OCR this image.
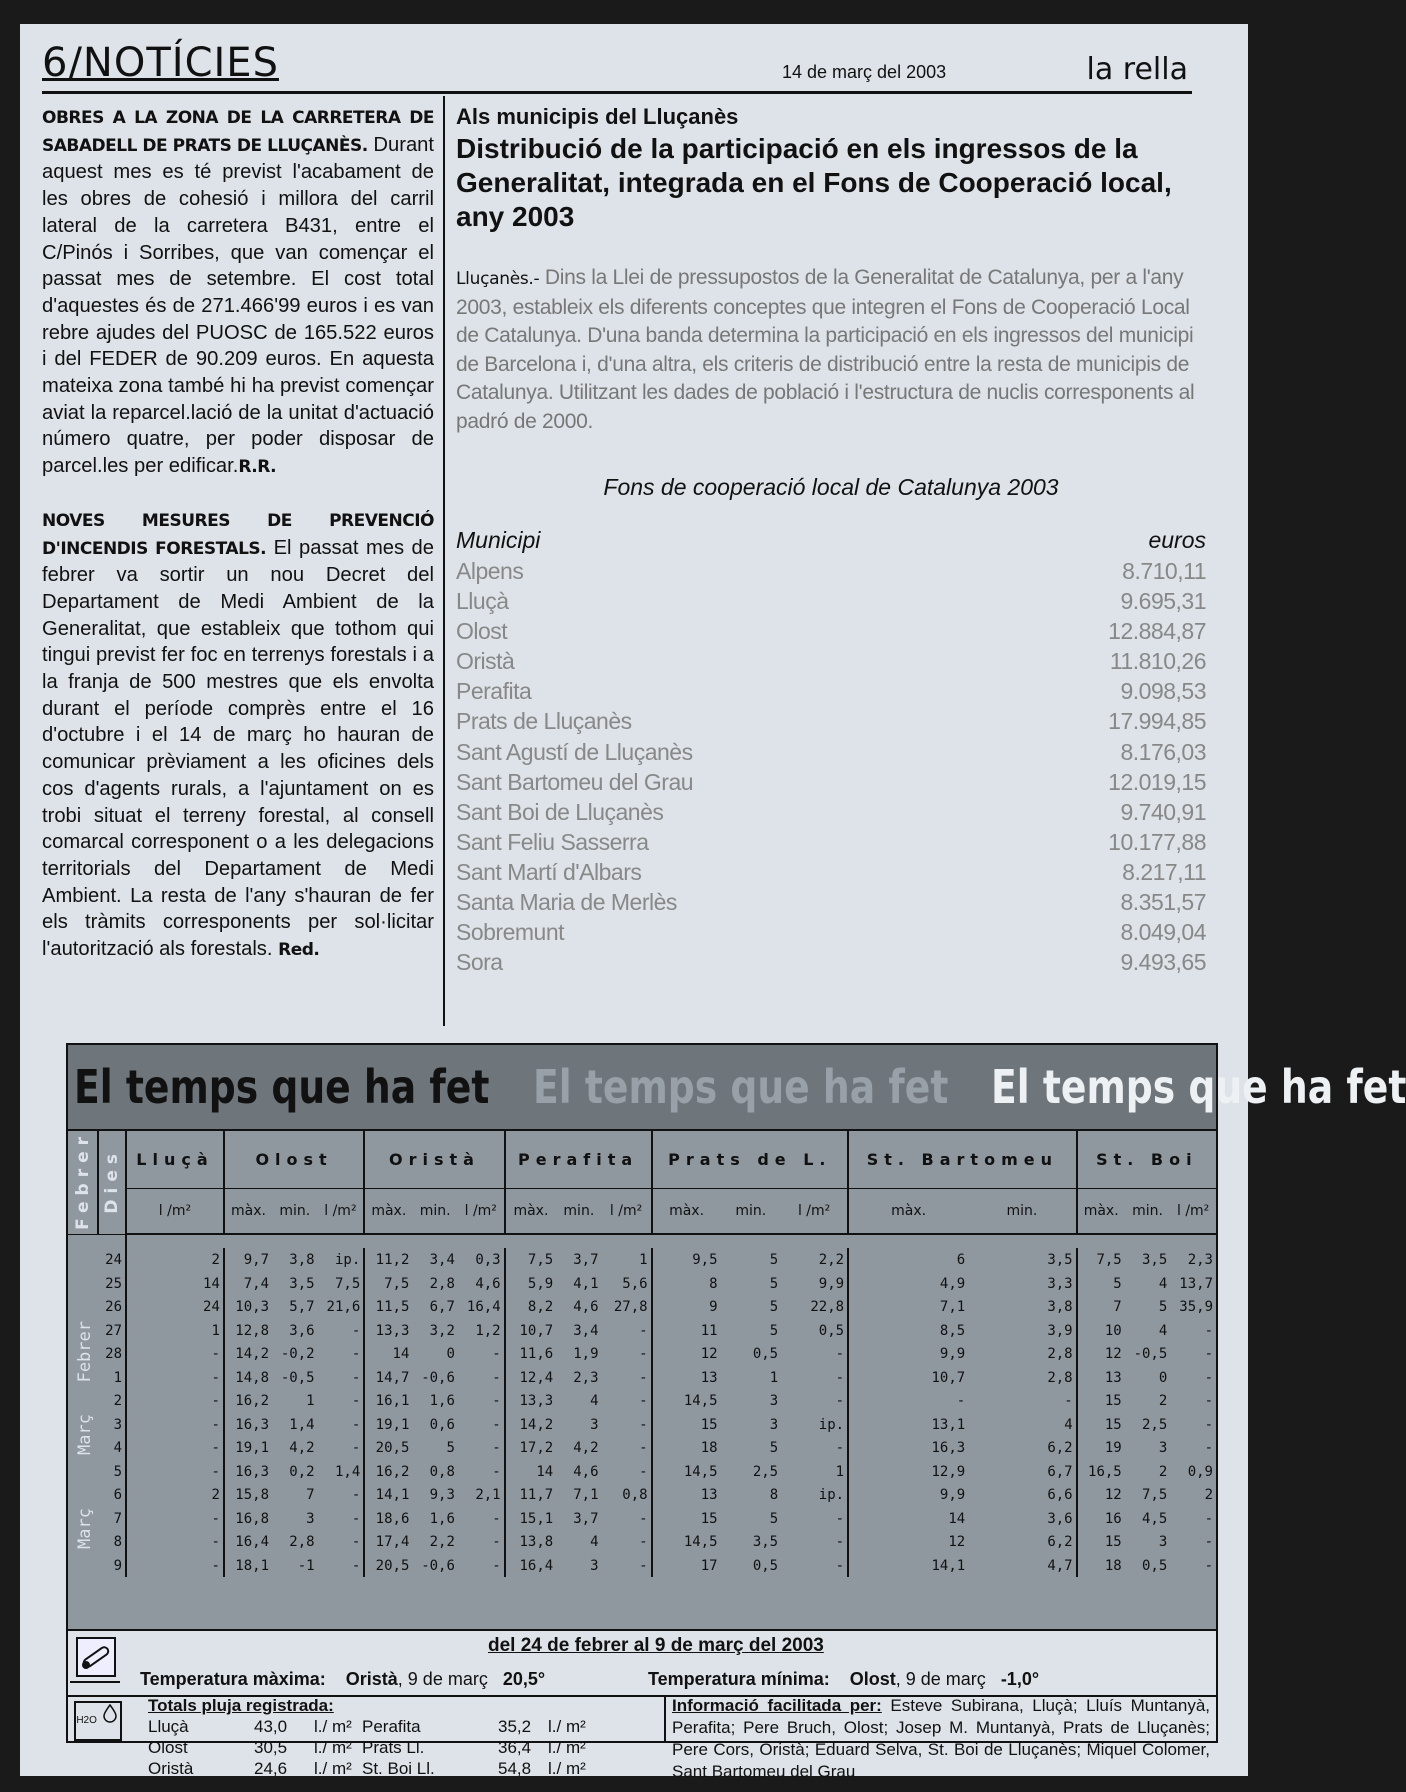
6/NOTÍCIES	14 de març del 2003	la rella

OBRES A LA ZONA DE LA CARRETERA DE SABADELL DE PRATS DE LLUÇANÈS. Durant aquest mes es té previst l'acabament de les obres de cohesió i millora del carril lateral de la carretera B431, entre el C/Pinós i Sorribes, que van començar el passat mes de setembre. El cost total d'aquestes és de 271.466'99 euros i es van rebre ajudes del PUOSC de 165.522 euros i del FEDER de 90.209 euros. En aquesta mateixa zona també hi ha previst començar aviat la reparcel.lació de la unitat d'actuació número quatre, per poder disposar de parcel.les per edificar.R.R.

NOVES MESURES DE PREVENCIÓ D'INCENDIS FORESTALS. El passat mes de febrer va sortir un nou Decret del Departament de Medi Ambient de la Generalitat, que estableix que tothom qui tingui previst fer foc en terrenys forestals i a la franja de 500 mestres que els envolta durant el període comprès entre el 16 d'octubre i el 14 de març ho hauran de comunicar prèviament a les oficines dels cos d'agents rurals, a l'ajuntament on es trobi situat el terreny forestal, al consell comarcal corresponent o a les delegacions territorials del Departament de Medi Ambient. La resta de l'any s'hauran de fer els tràmits corresponents per sol·licitar l'autorització als forestals. Red.

Als municipis del Lluçanès
Distribució de la participació en els ingressos de la Generalitat, integrada en el Fons de Cooperació local, any 2003
Lluçanès.- Dins la Llei de pressupostos de la Generalitat de Catalunya, per a l'any 2003, estableix els diferents conceptes que integren el Fons de Cooperació Local de Catalunya. D'una banda determina la participació en els ingressos del municipi de Barcelona i, d'una altra, els criteris de distribució entre la resta de municipis de Catalunya. Utilitzant les dades de població i l'estructura de nuclis corresponents al padró de 2000.
Fons de cooperació local de Catalunya 2003
Municipi	euros
Alpens	8.710,11
Lluçà	9.695,31
Olost	12.884,87
Oristà	11.810,26
Perafita	9.098,53
Prats de Lluçanès	17.994,85
Sant Agustí de Lluçanès	8.176,03
Sant Bartomeu del Grau	12.019,15
Sant Boi de Lluçanès	9.740,91
Sant Feliu Sasserra	10.177,88
Sant Martí d'Albars	8.217,11
Santa Maria de Merlès	8.351,57
Sobremunt	8.049,04
Sora	9.493,65
El temps que ha fet El temps que ha fet El temps que ha fet
Febrer	Dies	Lluçà	Olost			Oristà			Perafita			Prats de L.			St. Bartomeu		St. Boi		
		l /m²	màx.	min.	l /m²	màx.	min.	l /m²	màx.	min.	l /m²	màx.	min.	l /m²	màx.	min.	màx.	min.	l /m²

	24	2	9,7	3,8	ip.	11,2	3,4	0,3	7,5	3,7	1	9,5	5	2,2	6	3,5	7,5	3,5	2,3
	25	14	7,4	3,5	7,5	7,5	2,8	4,6	5,9	4,1	5,6	8	5	9,9	4,9	3,3	5	4	13,7
	26	24	10,3	5,7	21,6	11,5	6,7	16,4	8,2	4,6	27,8	9	5	22,8	7,1	3,8	7	5	35,9
Febrer	27	1	12,8	3,6	-	13,3	3,2	1,2	10,7	3,4	-	11	5	0,5	8,5	3,9	10	4	-
	28	-	14,2	-0,2	-	14	0	-	11,6	1,9	-	12	0,5	-	9,9	2,8	12	-0,5	-
	1	-	14,8	-0,5	-	14,7	-0,6	-	12,4	2,3	-	13	1	-	10,7	2,8	13	0	-
Març	2	-	16,2	1	-	16,1	1,6	-	13,3	4	-	14,5	3	-	-	-	15	2	-
	3	-	16,3	1,4	-	19,1	0,6	-	14,2	3	-	15	3	ip.	13,1	4	15	2,5	-
	4	-	19,1	4,2	-	20,5	5	-	17,2	4,2	-	18	5	-	16,3	6,2	19	3	-
	5	-	16,3	0,2	1,4	16,2	0,8	-	14	4,6	-	14,5	2,5	1	12,9	6,7	16,5	2	0,9
Març	6	2	15,8	7	-	14,1	9,3	2,1	11,7	7,1	0,8	13	8	ip.	9,9	6,6	12	7,5	2
	7	-	16,8	3	-	18,6	1,6	-	15,1	3,7	-	15	5	-	14	3,6	16	4,5	-
	8	-	16,4	2,8	-	17,4	2,2	-	13,8	4	-	14,5	3,5	-	12	6,2	15	3	-
	9	-	18,1	-1	-	20,5	-0,6	-	16,4	3	-	17	0,5	-	14,1	4,7	18	0,5	-
del 24 de febrer al 9 de març del 2003
Temperatura màxima: Oristà, 9 de març 20,5°	Temperatura mínima: Olost, 9 de març -1,0°
H2O
Totals pluja registrada:
Lluçà	43,0	l./ m² Perafita	35,2 l./ m²
Olost	30,5	l./ m² Prats Ll.	36,4 l./ m²
Oristà	24,6	l./ m² St. Boi Ll.	54,8 l./ m²
Informació facilitada per: Esteve Subirana, Lluçà; Lluís Muntanyà, Perafita; Pere Bruch, Olost; Josep M. Muntanyà, Prats de Lluçanès; Pere Cors, Oristà; Eduard Selva, St. Boi de Lluçanès; Miquel Colomer, Sant Bartomeu del Grau
